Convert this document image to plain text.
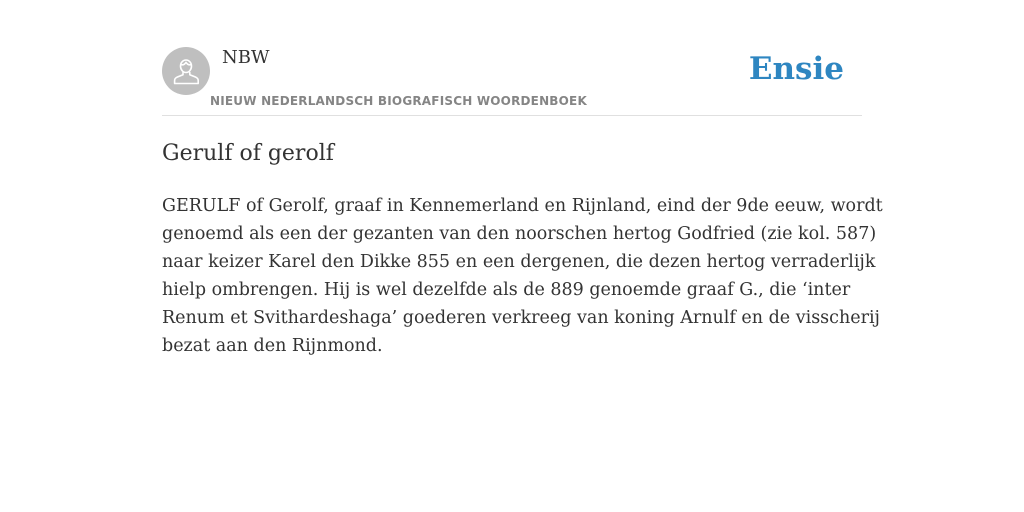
NBW
NIEUW NEDERLANDSCH BIOGRAFISCH WOORDENBOEK
Ensie
Gerulf of gerolf

GERULF of Gerolf, graaf in Kennemerland en Rijnland, eind der 9de eeuw, wordt
genoemd als een der gezanten van den noorschen hertog Godfried (zie kol. 587)
naar keizer Karel den Dikke 855 en een dergenen, die dezen hertog verraderlijk
hielp ombrengen. Hij is wel dezelfde als de 889 genoemde graaf G., die ‘inter
Renum et Svithardeshaga’ goederen verkreeg van koning Arnulf en de visscherij
bezat aan den Rijnmond.
